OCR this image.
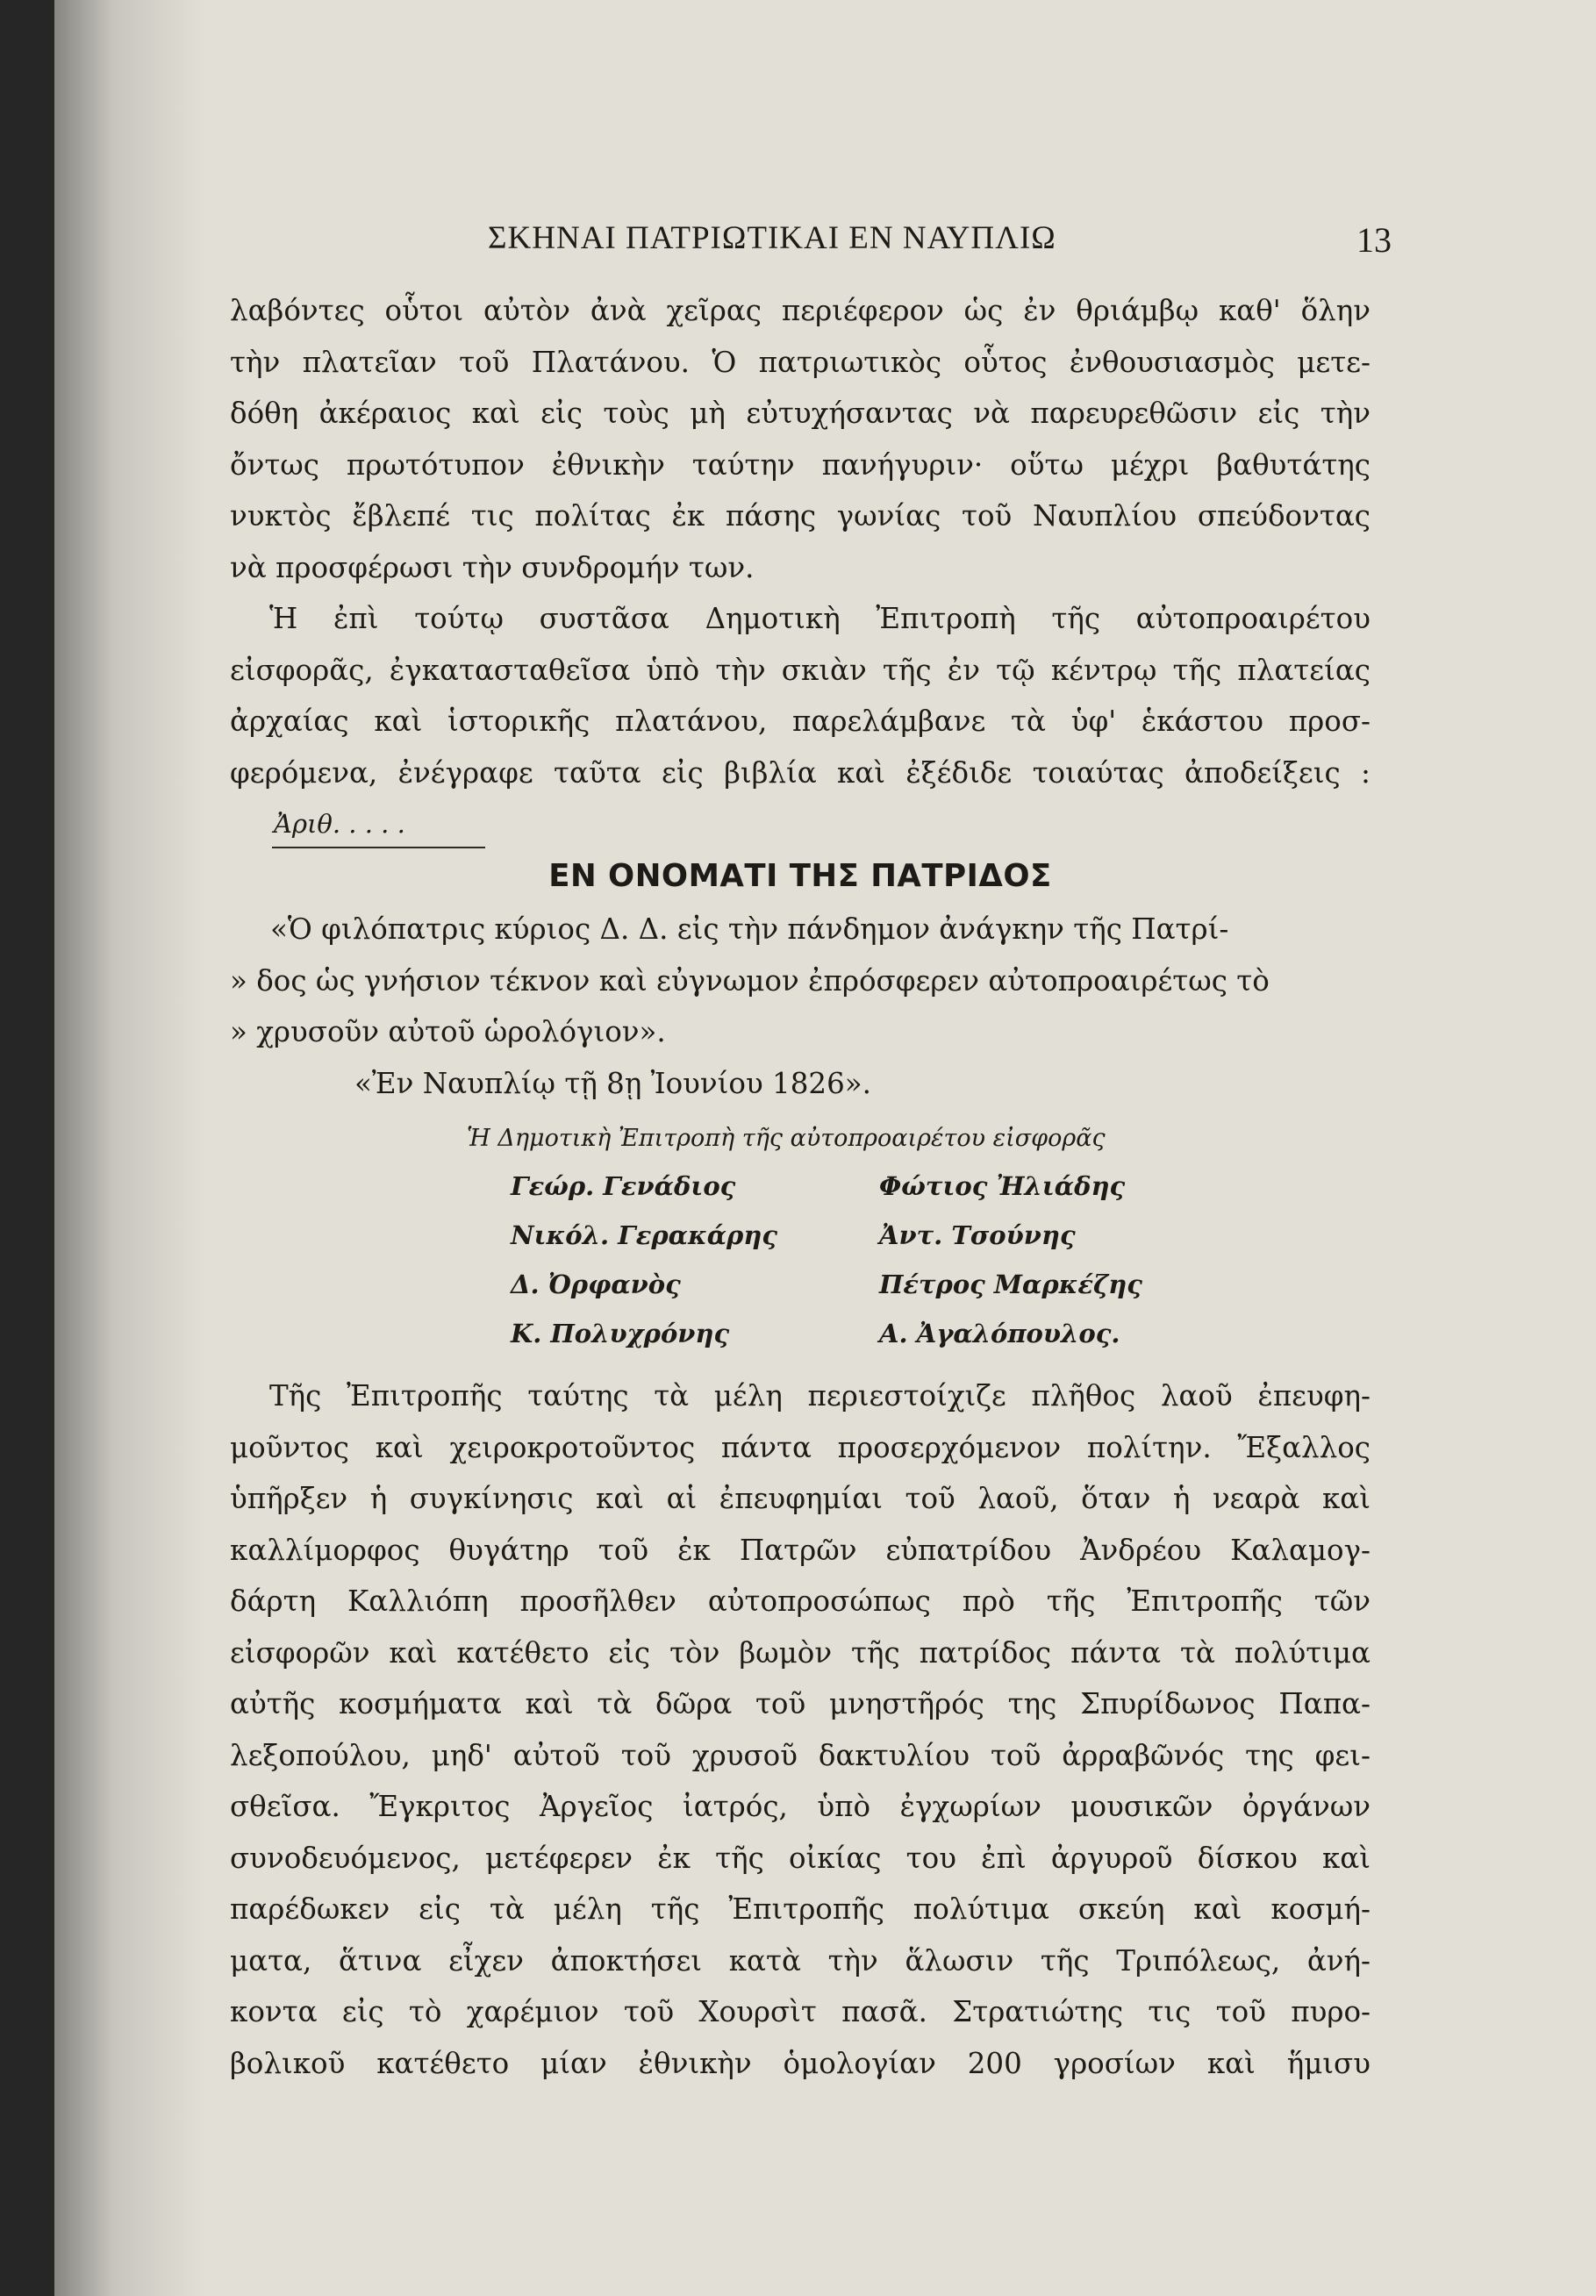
ΣΚΗΝΑΙ ΠΑΤΡΙΩΤΙΚΑΙ ΕΝ ΝΑΥΠΛΙΩ	13

λαβόντες οὗτοι αὐτὸν ἀνὰ χεῖρας περιέφερον ὡς ἐν θριάμβῳ καθ' ὅλην

τὴν πλατεῖαν τοῦ Πλατάνου. Ὁ πατριωτικὸς οὗτος ἐνθουσιασμὸς μετε-

δόθη ἀκέραιος καὶ εἰς τοὺς μὴ εὐτυχήσαντας νὰ παρευρεθῶσιν εἰς τὴν

ὄντως πρωτότυπον ἐθνικὴν ταύτην πανήγυριν· οὕτω μέχρι βαθυτάτης

νυκτὸς ἔβλεπέ τις πολίτας ἐκ πάσης γωνίας τοῦ Ναυπλίου σπεύδοντας

νὰ προσφέρωσι τὴν συνδρομήν των.

Ἡ ἐπὶ τούτῳ συστᾶσα Δημοτικὴ Ἐπιτροπὴ τῆς αὐτοπροαιρέτου

εἰσφορᾶς, ἐγκατασταθεῖσα ὑπὸ τὴν σκιὰν τῆς ἐν τῷ κέντρῳ τῆς πλατείας

ἀρχαίας καὶ ἱστορικῆς πλατάνου, παρελάμβανε τὰ ὑφ' ἑκάστου προσ-

φερόμενα, ἐνέγραφε ταῦτα εἰς βιβλία καὶ ἐξέδιδε τοιαύτας ἀποδείξεις :

Ἀριθ. . . . .

ΕΝ ΟΝΟΜΑΤΙ ΤΗΣ ΠΑΤΡΙΔΟΣ

«Ὁ φιλόπατρις κύριος Δ. Δ. εἰς τὴν πάνδημον ἀνάγκην τῆς Πατρί-

» δος ὡς γνήσιον τέκνον καὶ εὐγνωμον ἐπρόσφερεν αὐτοπροαιρέτως τὸ

» χρυσοῦν αὐτοῦ ὡρολόγιον».

«Ἐν Ναυπλίῳ τῇ 8ῃ Ἰουνίου 1826».

Ἡ Δημοτικὴ Ἐπιτροπὴ τῆς αὐτοπροαιρέτου εἰσφορᾶς

Γεώρ. Γενάδιος	Φώτιος Ἠλιάδης
Νικόλ. Γερακάρης	Ἀντ. Τσούνης
Δ. Ὀρφανὸς	Πέτρος Μαρκέζης
Κ. Πολυχρόνης	Α. Ἀγαλόπουλος.

Τῆς Ἐπιτροπῆς ταύτης τὰ μέλη περιεστοίχιζε πλῆθος λαοῦ ἐπευφη-

μοῦντος καὶ χειροκροτοῦντος πάντα προσερχόμενον πολίτην. Ἔξαλλος

ὑπῆρξεν ἡ συγκίνησις καὶ αἱ ἐπευφημίαι τοῦ λαοῦ, ὅταν ἡ νεαρὰ καὶ

καλλίμορφος θυγάτηρ τοῦ ἐκ Πατρῶν εὐπατρίδου Ἀνδρέου Καλαμογ-

δάρτη Καλλιόπη προσῆλθεν αὐτοπροσώπως πρὸ τῆς Ἐπιτροπῆς τῶν

εἰσφορῶν καὶ κατέθετο εἰς τὸν βωμὸν τῆς πατρίδος πάντα τὰ πολύτιμα

αὐτῆς κοσμήματα καὶ τὰ δῶρα τοῦ μνηστῆρός της Σπυρίδωνος Παπα-

λεξοπούλου, μηδ' αὐτοῦ τοῦ χρυσοῦ δακτυλίου τοῦ ἀρραβῶνός της φει-

σθεῖσα. Ἔγκριτος Ἀργεῖος ἰατρός, ὑπὸ ἐγχωρίων μουσικῶν ὀργάνων

συνοδευόμενος, μετέφερεν ἐκ τῆς οἰκίας του ἐπὶ ἀργυροῦ δίσκου καὶ

παρέδωκεν εἰς τὰ μέλη τῆς Ἐπιτροπῆς πολύτιμα σκεύη καὶ κοσμή-

ματα, ἅτινα εἶχεν ἀποκτήσει κατὰ τὴν ἅλωσιν τῆς Τριπόλεως, ἀνή-

κοντα εἰς τὸ χαρέμιον τοῦ Χουρσὶτ πασᾶ. Στρατιώτης τις τοῦ πυρο-

βολικοῦ κατέθετο μίαν ἐθνικὴν ὁμολογίαν 200 γροσίων καὶ ἥμισυ
